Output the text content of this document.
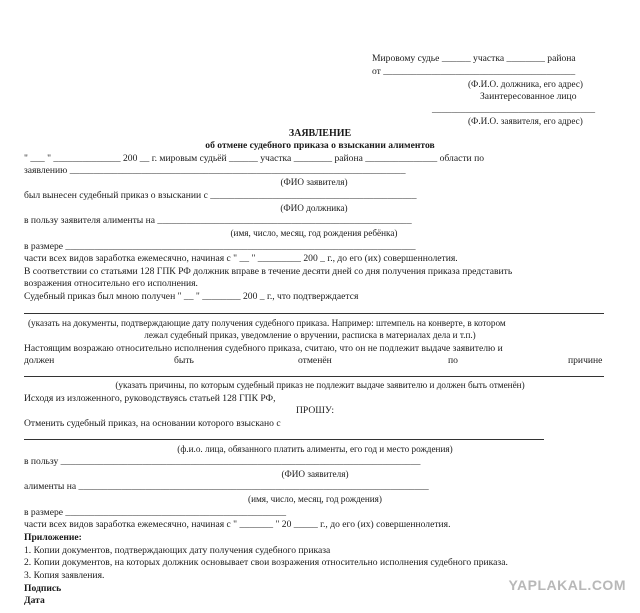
Мировому судье ______ участка ________ района
от ________________________________________
(Ф.И.О. должника, его адрес)
Заинтересованное лицо
__________________________________
(Ф.И.О. заявителя, его адрес)
ЗАЯВЛЕНИЕ
об отмене судебного приказа о взыскании алиментов
" ___ " ______________ 200 __ г. мировым судьёй ______ участка ________ района _______________ области по
заявлению ______________________________________________________________________
(ФИО заявителя)
был вынесен судебный приказ о взыскании с ___________________________________________
(ФИО должника)
в пользу заявителя алименты на _____________________________________________________
(имя, число, месяц, год рождения ребёнка)
в размере _________________________________________________________________________
части всех видов заработка ежемесячно, начиная с " __ " _________ 200 _ г., до его (их) совершеннолетия.
В соответствии со статьями 128 ГПК РФ должник вправе в течение десяти дней со дня получения приказа представить
возражения относительно его исполнения.
Судебный приказ был мною получен " __ " ________ 200 _ г., что подтверждается
(указать на документы, подтверждающие дату получения судебного приказа. Например: штемпель на конверте, в котором
лежал судебный приказ, уведомление о вручении, расписка в материалах дела и т.п.)
Настоящим возражаю относительно исполнения судебного приказа, считаю, что он не подлежит выдаче заявителю и
должен	быть	отменён	по	причине
(указать причины, по которым судебный приказ не подлежит выдаче заявителю и должен быть отменён)
Исходя из изложенного, руководствуясь статьей 128 ГПК РФ,
ПРОШУ:
Отменить судебный приказ, на основании которого взыскано с
(ф.и.о. лица, обязанного платить алименты, его год и место рождения)
в пользу ___________________________________________________________________________
(ФИО заявителя)
алименты на _________________________________________________________________________
(имя, число, месяц, год рождения)
в размере ______________________________________________
части всех видов заработка ежемесячно, начиная с " _______ " 20 _____ г., до его (их) совершеннолетия.
Приложение:
1. Копии документов, подтверждающих дату получения судебного приказа
2. Копии документов, на которых должник основывает свои возражения относительно исполнения судебного приказа.
3. Копия заявления.
Подпись
Дата
YAPLAKAL.COM
